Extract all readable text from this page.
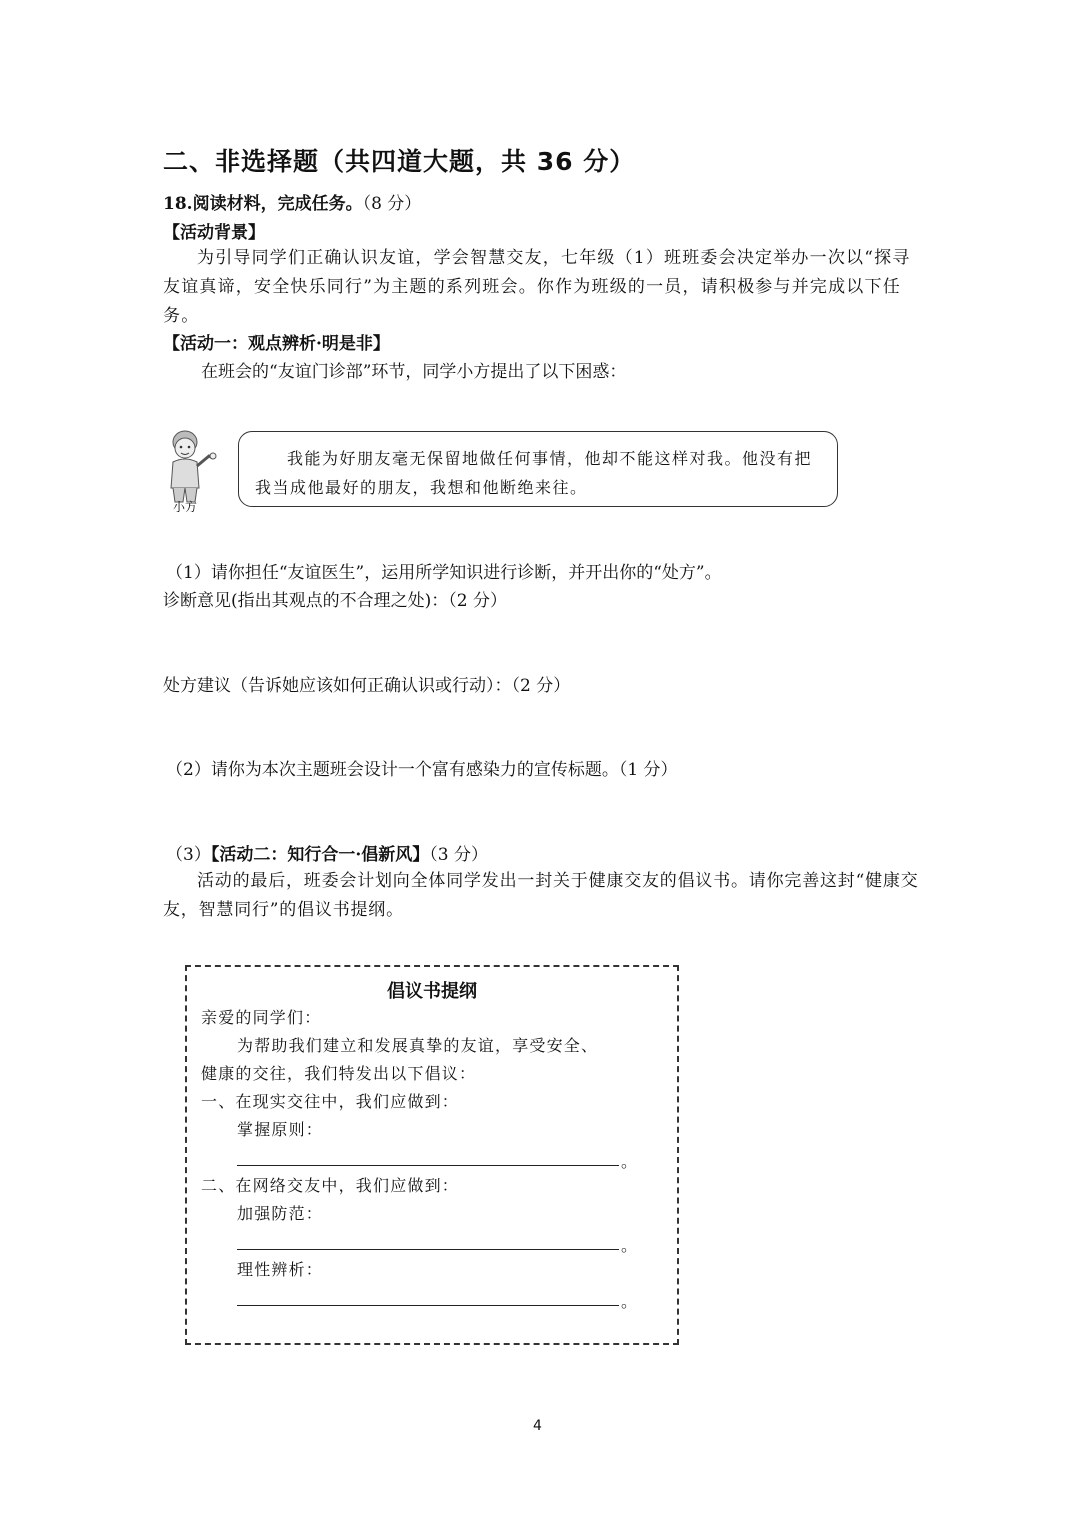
二、非选择题（共四道大题，共 36 分）
18.阅读材料，完成任务。（8 分）
【活动背景】
为引导同学们正确认识友谊，学会智慧交友，七年级（1）班班委会决定举办一次以“探寻友谊真谛，安全快乐同行”为主题的系列班会。你作为班级的一员，请积极参与并完成以下任务。
【活动一：观点辨析·明是非】
在班会的“友谊门诊部”环节，同学小方提出了以下困惑：
小方
我能为好朋友毫无保留地做任何事情，他却不能这样对我。他没有把我当成他最好的朋友，我想和他断绝来往。
（1）请你担任“友谊医生”，运用所学知识进行诊断，并开出你的“处方”。
诊断意见(指出其观点的不合理之处)：（2 分）
处方建议（告诉她应该如何正确认识或行动）：（2 分）
（2）请你为本次主题班会设计一个富有感染力的宣传标题。（1 分）
（3）【活动二：知行合一·倡新风】（3 分）
活动的最后，班委会计划向全体同学发出一封关于健康交友的倡议书。请你完善这封“健康交友，智慧同行”的倡议书提纲。
倡议书提纲
亲爱的同学们：
为帮助我们建立和发展真挚的友谊，享受安全、
健康的交往，我们特发出以下倡议：
一、在现实交往中，我们应做到：
掌握原则：
。
二、在网络交友中，我们应做到：
加强防范：
。
理性辨析：
。
4
